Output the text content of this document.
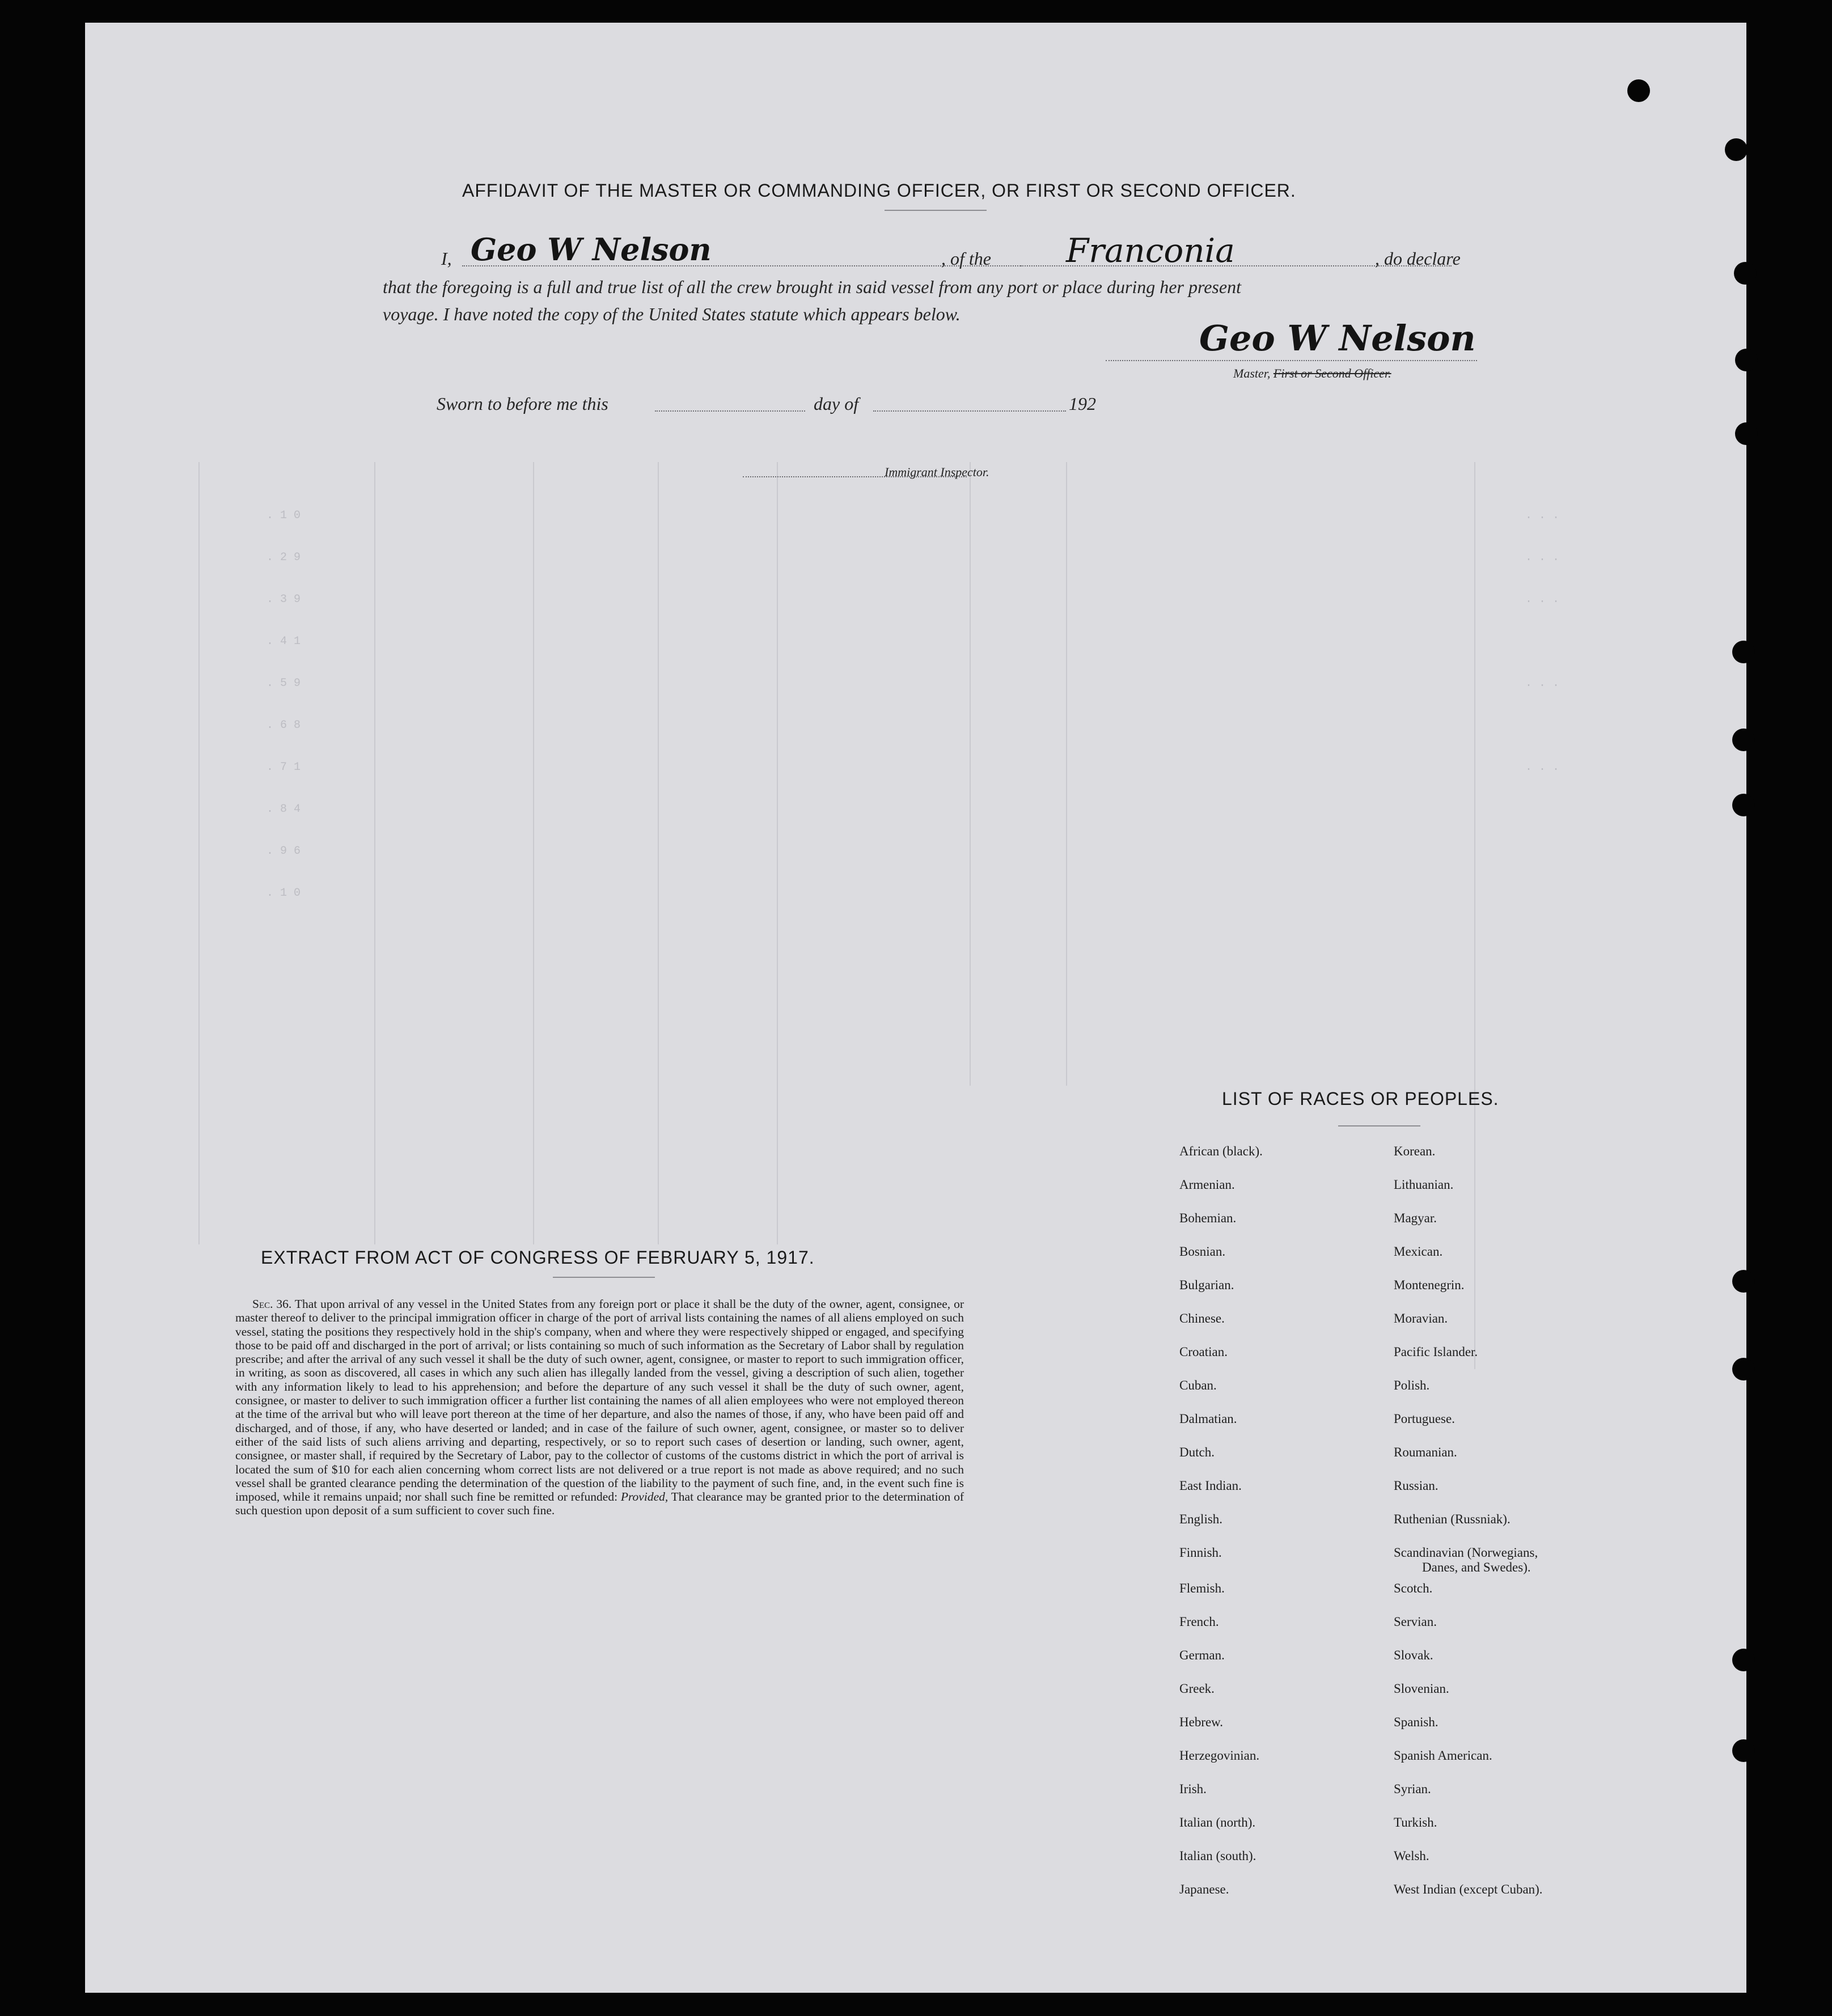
. 1 0
. 2 9
. 3 9
. 4 1
. 5 9
. 6 8
. 7 1
. 8 4
. 9 6
. 1 0
. . .
. . .
. . .
. . .
. . .
AFFIDAVIT OF THE MASTER OR COMMANDING OFFICER, OR FIRST OR SECOND OFFICER.
I, Geo W Nelson	, of the Franconia	, do declare
that the foregoing is a full and true list of all the crew brought in said vessel from any port or place during her present
voyage. I have noted the copy of the United States statute which appears below.
Geo W Nelson
Master, First or Second Officer.
Sworn to before me this	day of	192
Immigrant Inspector.
EXTRACT FROM ACT OF CONGRESS OF FEBRUARY 5, 1917.
Sec. 36. That upon arrival of any vessel in the United States from any foreign port or place it shall be the duty of the owner, agent, consignee, or master thereof to deliver to the principal immigration officer in charge of the port of arrival lists containing the names of all aliens employed on such vessel, stating the positions they respectively hold in the ship's company, when and where they were respectively shipped or engaged, and specifying those to be paid off and discharged in the port of arrival; or lists containing so much of such information as the Secretary of Labor shall by regulation prescribe; and after the arrival of any such vessel it shall be the duty of such owner, agent, consignee, or master to report to such immigration officer, in writing, as soon as discovered, all cases in which any such alien has illegally landed from the vessel, giving a description of such alien, together with any information likely to lead to his apprehension; and before the departure of any such vessel it shall be the duty of such owner, agent, consignee, or master to deliver to such immigration officer a further list containing the names of all alien employees who were not employed thereon at the time of the arrival but who will leave port thereon at the time of her departure, and also the names of those, if any, who have been paid off and discharged, and of those, if any, who have deserted or landed; and in case of the failure of such owner, agent, consignee, or master so to deliver either of the said lists of such aliens arriving and departing, respectively, or so to report such cases of desertion or landing, such owner, agent, consignee, or master shall, if required by the Secretary of Labor, pay to the collector of customs of the customs district in which the port of arrival is located the sum of $10 for each alien concerning whom correct lists are not delivered or a true report is not made as above required; and no such vessel shall be granted clearance pending the determination of the question of the liability to the payment of such fine, and, in the event such fine is imposed, while it remains unpaid; nor shall such fine be remitted or refunded: Provided, That clearance may be granted prior to the determination of such question upon deposit of a sum sufficient to cover such fine.
LIST OF RACES OR PEOPLES.
African (black).
Armenian.
Bohemian.
Bosnian.
Bulgarian.
Chinese.
Croatian.
Cuban.
Dalmatian.
Dutch.
East Indian.
English.
Finnish.
Flemish.
French.
German.
Greek.
Hebrew.
Herzegovinian.
Irish.
Italian (north).
Italian (south).
Japanese.
Korean.
Lithuanian.
Magyar.
Mexican.
Montenegrin.
Moravian.
Pacific Islander.
Polish.
Portuguese.
Roumanian.
Russian.
Ruthenian (Russniak).
Scandinavian (Norwegians,
Danes, and Swedes).
Scotch.
Servian.
Slovak.
Slovenian.
Spanish.
Spanish American.
Syrian.
Turkish.
Welsh.
West Indian (except Cuban).
